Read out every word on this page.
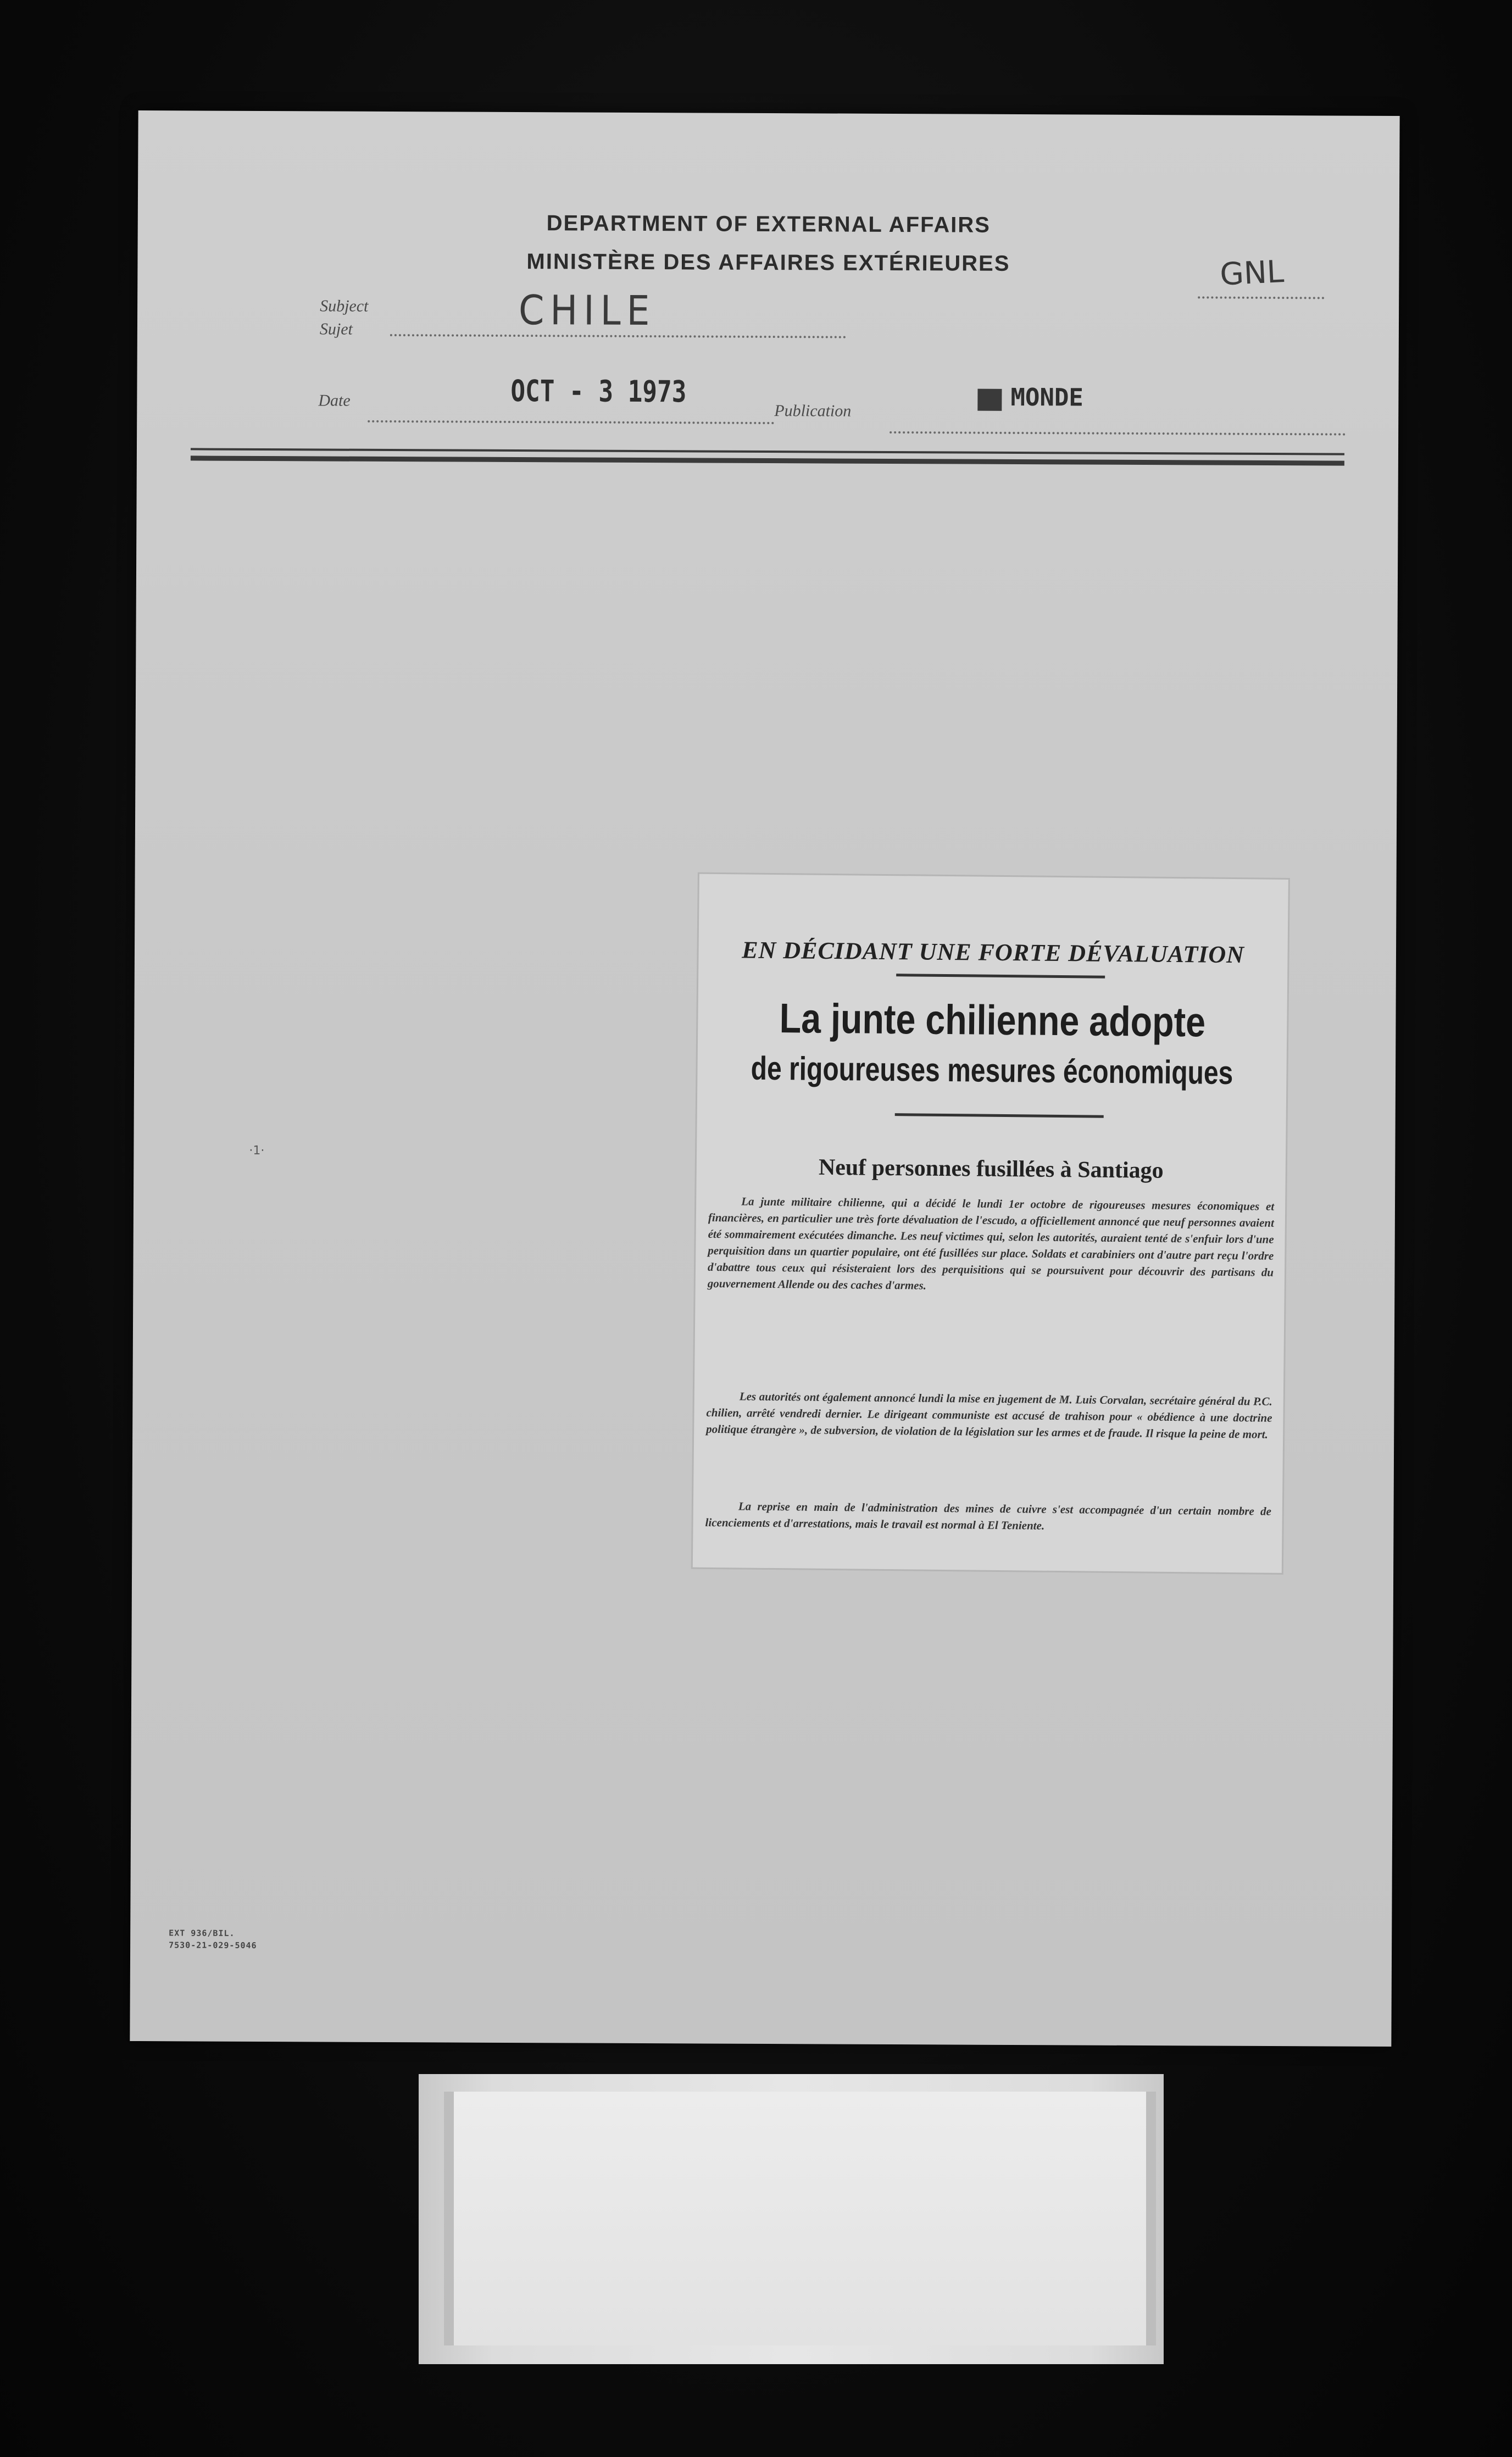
DEPARTMENT OF EXTERNAL AFFAIRS
MINISTÈRE DES AFFAIRES EXTÉRIEURES	GNL
Subject
Sujet	CHILE
Date	OCT - 3 1973
Publication	MONDE
·1·
EN DÉCIDANT UNE FORTE DÉVALUATION
La junte chilienne adopte
de rigoureuses mesures économiques
Neuf personnes fusillées à Santiago

La junte militaire chilienne, qui a décidé le lundi 1er octobre de rigoureuses mesures économiques et financières, en particulier une très forte dévaluation de l'escudo, a officiellement annoncé que neuf personnes avaient été sommairement exécutées dimanche. Les neuf victimes qui, selon les autorités, auraient tenté de s'enfuir lors d'une perquisition dans un quartier populaire, ont été fusillées sur place. Soldats et carabiniers ont d'autre part reçu l'ordre d'abattre tous ceux qui résisteraient lors des perquisitions qui se poursuivent pour découvrir des partisans du gouvernement Allende ou des caches d'armes.

Les autorités ont également annoncé lundi la mise en jugement de M. Luis Corvalan, secrétaire général du P.C. chilien, arrêté vendredi dernier. Le dirigeant communiste est accusé de trahison pour « obédience à une doctrine politique étrangère », de subversion, de violation de la législation sur les armes et de fraude. Il risque la peine de mort.

La reprise en main de l'administration des mines de cuivre s'est accompagnée d'un certain nombre de licenciements et d'arrestations, mais le travail est normal à El Teniente.

EXT 936/BIL.
7530-21-029-5046
